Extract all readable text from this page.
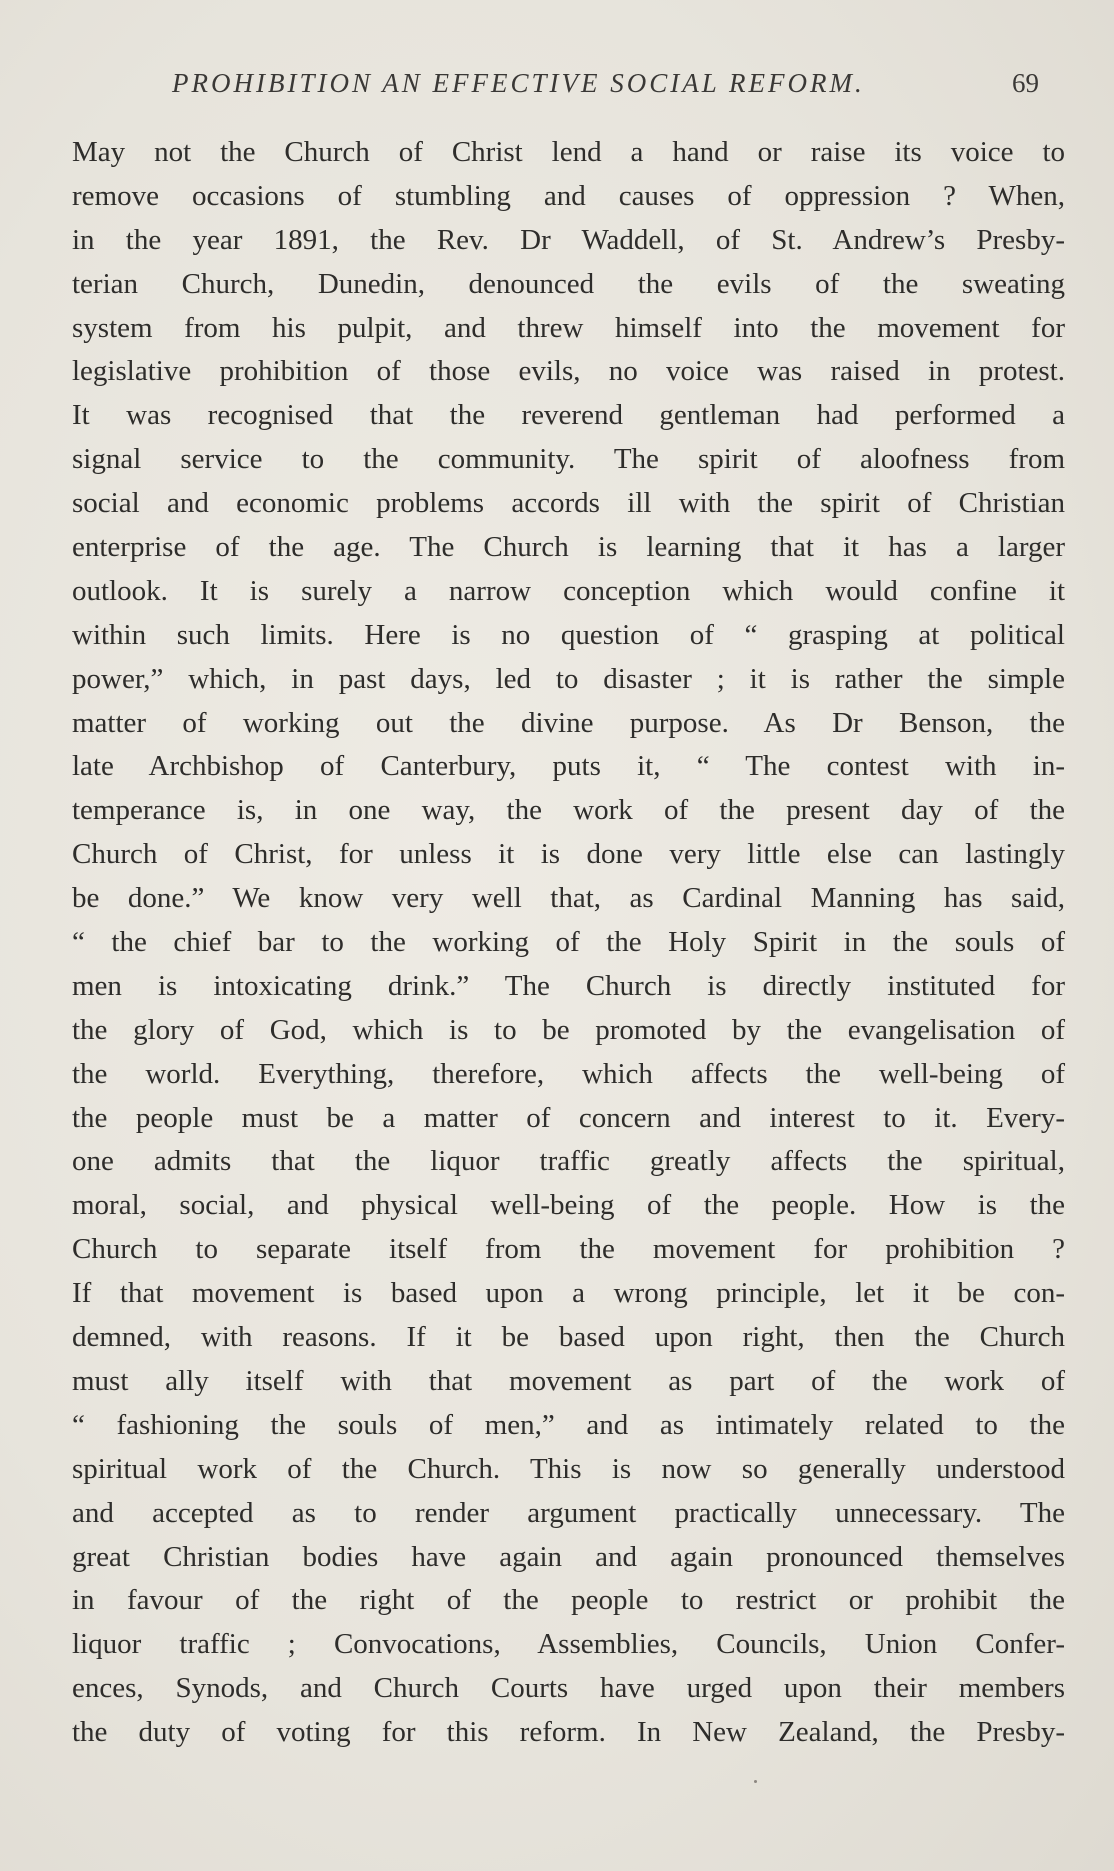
PROHIBITION AN EFFECTIVE SOCIAL REFORM.	69
May not the Church of Christ lend a hand or raise its voice to
remove occasions of stumbling and causes of oppression ? When,
in the year 1891, the Rev. Dr Waddell, of St. Andrew’s Presby-
terian Church, Dunedin, denounced the evils of the sweating
system from his pulpit, and threw himself into the movement for
legislative prohibition of those evils, no voice was raised in protest.
It was recognised that the reverend gentleman had performed a
signal service to the community. The spirit of aloofness from
social and economic problems accords ill with the spirit of Christian
enterprise of the age. The Church is learning that it has a larger
outlook. It is surely a narrow conception which would confine it
within such limits. Here is no question of “ grasping at political
power,” which, in past days, led to disaster ; it is rather the simple
matter of working out the divine purpose. As Dr Benson, the
late Archbishop of Canterbury, puts it, “ The contest with in-
temperance is, in one way, the work of the present day of the
Church of Christ, for unless it is done very little else can lastingly
be done.” We know very well that, as Cardinal Manning has said,
“ the chief bar to the working of the Holy Spirit in the souls of
men is intoxicating drink.” The Church is directly instituted for
the glory of God, which is to be promoted by the evangelisation of
the world. Everything, therefore, which affects the well-being of
the people must be a matter of concern and interest to it. Every-
one admits that the liquor traffic greatly affects the spiritual,
moral, social, and physical well-being of the people. How is the
Church to separate itself from the movement for prohibition ?
If that movement is based upon a wrong principle, let it be con-
demned, with reasons. If it be based upon right, then the Church
must ally itself with that movement as part of the work of
“ fashioning the souls of men,” and as intimately related to the
spiritual work of the Church. This is now so generally understood
and accepted as to render argument practically unnecessary. The
great Christian bodies have again and again pronounced themselves
in favour of the right of the people to restrict or prohibit the
liquor traffic ; Convocations, Assemblies, Councils, Union Confer-
ences, Synods, and Church Courts have urged upon their members
the duty of voting for this reform. In New Zealand, the Presby-
